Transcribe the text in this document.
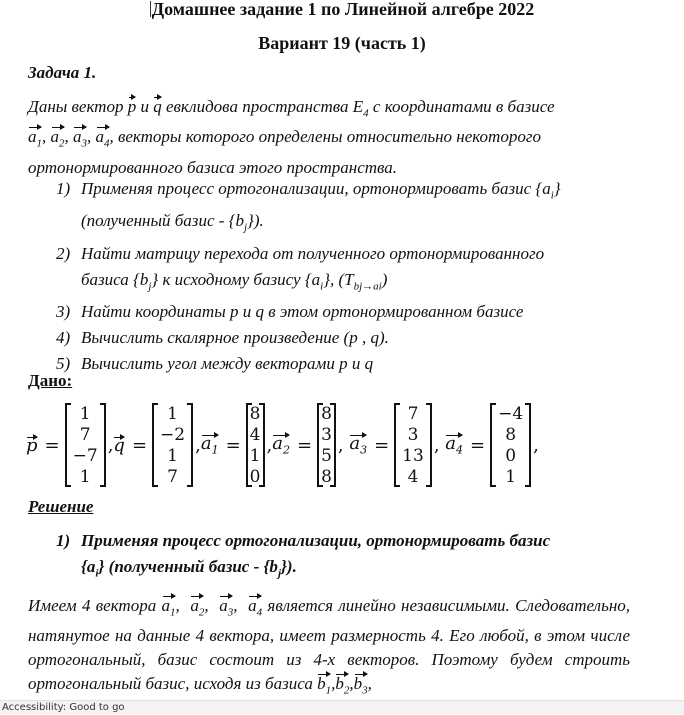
Домашнее задание 1 по Линейной алгебре 2022
Вариант 19 (часть 1)
Задача 1.
Даны вектор p и q евклидова пространства $E_4$ с координатами в базисе
$a_1$, $a_2$, $a_3$, $a_4$, векторы которого определены относительно некоторого
ортонормированного базиса этого пространства.
1) Применяя процесс ортогонализации, ортонормировать базис $\{a_i\}$
(полученный базис - $\{b_j\}$).
2) Найти матрицу перехода от полученного ортонормированного
базиса $\{b_j\}$ к исходному базису $\{a_i\}$, $(T_{bj\to ai})$
3) Найти координаты p и q в этом ортонормированном базисе
4) Вычислить скалярное произведение (p , q).
5) Вычислить угол между векторами p и q
Дано:
p =
1
7
−7
1
, q =
1
−2
1
7
, $a_1$ =
8
4
1
0
, $a_2$ =
8
3
5
8
, $a_3$ =
7
3
13
4
, $a_4$ =
−4
8
0
1
,
Решение
1) Применяя процесс ортогонализации, ортонормировать базис
$\{a_i\}$ (полученный базис - $\{b_j\}$).
Имеем 4 вектора $a_1$,  $a_2$,  $a_3$,  $a_4$ является линейно независимыми. Следовательно, натянутое на данные 4 вектора, имеет размерность 4. Его любой, в этом числе ортогональный, базис состоит из 4-х векторов. Поэтому будем строить ортогональный базис, исходя из базиса $b_1,b_2,b_3$,
Accessibility: Good to go
